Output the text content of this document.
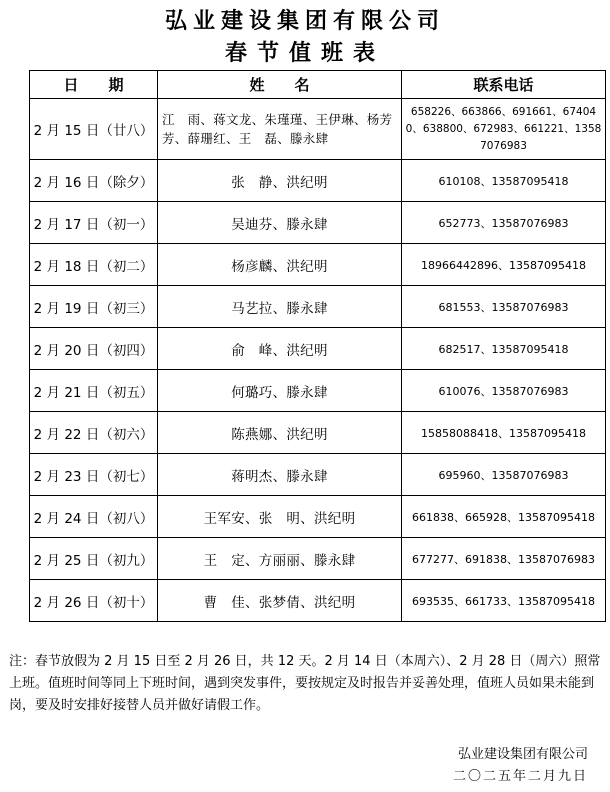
弘业建设集团有限公司
春节值班表
日　　期	姓　　名	联系电话
2 月 15 日（廿八）	江　雨、蒋文龙、朱瑾瑾、王伊琳、杨芳芳、薛珊红、王　磊、滕永肆	658226、663866、691661、674040、638800、672983、661221、13587076983
2 月 16 日（除夕）	张　静、洪纪明	610108、13587095418
2 月 17 日（初一）	吴迪芬、滕永肆	652773、13587076983
2 月 18 日（初二）	杨彦麟、洪纪明	18966442896、13587095418
2 月 19 日（初三）	马艺拉、滕永肆	681553、13587076983
2 月 20 日（初四）	俞　峰、洪纪明	682517、13587095418
2 月 21 日（初五）	何璐巧、滕永肆	610076、13587076983
2 月 22 日（初六）	陈燕娜、洪纪明	15858088418、13587095418
2 月 23 日（初七）	蒋明杰、滕永肆	695960、13587076983
2 月 24 日（初八）	王军安、张　明、洪纪明	661838、665928、13587095418
2 月 25 日（初九）	王　定、方丽丽、滕永肆	677277、691838、13587076983
2 月 26 日（初十）	曹　佳、张梦倩、洪纪明	693535、661733、13587095418
注：春节放假为 2 月 15 日至 2 月 26 日，共 12 天。2 月 14 日（本周六）、2 月 28 日（周六）照常上班。值班时间等同上下班时间，遇到突发事件，要按规定及时报告并妥善处理，值班人员如果未能到岗，要及时安排好接替人员并做好请假工作。
弘业建设集团有限公司
二〇二五年二月九日
